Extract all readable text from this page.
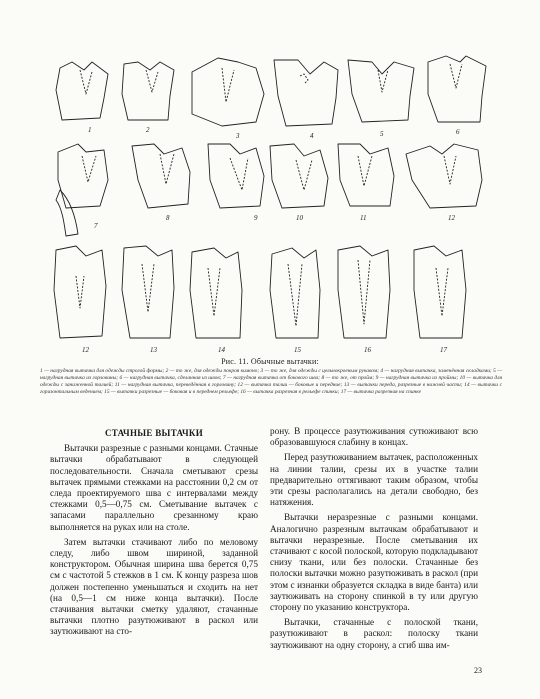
1	2
3	4	5	6
7
8	9	10	11	12
12	13	14	15	16	17
Рис. 11. Обычные вытачки:
1 — нагрудная вытачка для одежды строгой формы; 2 — то же, для одежды покроя кимоно; 3 — то же, для одежды с цельнокроеным рукавом; 4 — нагрудная вытачка, заменённая складками; 5 — нагрудная вытачка из горловины; 6 — нагрудная вытачка, сделанная из швов; 7 — нагрудная вытачка от бокового шва; 8 — то же, от пройм; 9 — нагрудная вытачка из проймы; 10 — вытачка для одежды с заниженной талией; 11 — нагрудная вытачка, переведённая в горловину; 12 — вытачка талии — боковые и передние; 13 — вытачки переда, разрезные в нижней части; 14 — вытачки с горизонтальным ведением; 15 — вытачки разрезные — боковая и в переднем рельефе; 16 — вытачка разрезная в рельефе спинки; 17 — вытачка разрезная на спинке

СТАЧНЫЕ ВЫТАЧКИ

Вытачки разрезные с разными концами. Стачные вытачки обрабатывают в следующей последовательности. Сначала сметывают срезы вытачек прямыми стежками на расстоянии 0,2 см от следа проектируемого шва с интервалами между стежками 0,5—0,75 см. Сметывание вытачек с запасами параллельно срезанному краю выполняется на руках или на столе.

Затем вытачки стачивают либо по меловому следу, либо швом шириной, заданной конструктором. Обычная ширина шва берется 0,75 см с частотой 5 стежков в 1 см. К концу разреза шов должен постепенно уменьшаться и сходить на нет (на 0,5—1 см ниже конца вытачки). После стачивания вытачки сметку удаляют, стачанные вытачки плотно разутюживают в раскол или заутюживают на сто-

рону. В процессе разутюживания сутюживают всю образовавшуюся слабину в концах.

Перед разутюживанием вытачек, расположенных на линии талии, срезы их в участке талии предварительно оттягивают таким образом, чтобы эти срезы располагались на детали свободно, без натяжения.

Вытачки неразрезные с разными концами. Аналогично разрезным вытачкам обрабатывают и вытачки неразрезные. После сметывания их стачивают с косой полоской, которую подкладывают снизу ткани, или без полоски. Стачанные без полоски вытачки можно разутюживать в раскол (при этом с изнанки образуется складка в виде бантa) или заутюживать на сторону спинкой в ту или другую сторону по указанию конструктора.

Вытачки, стачанные с полоской ткани, разутюживают в раскол: полоску ткани заутюживают на одну сторону, а сгиб шва им-

23
